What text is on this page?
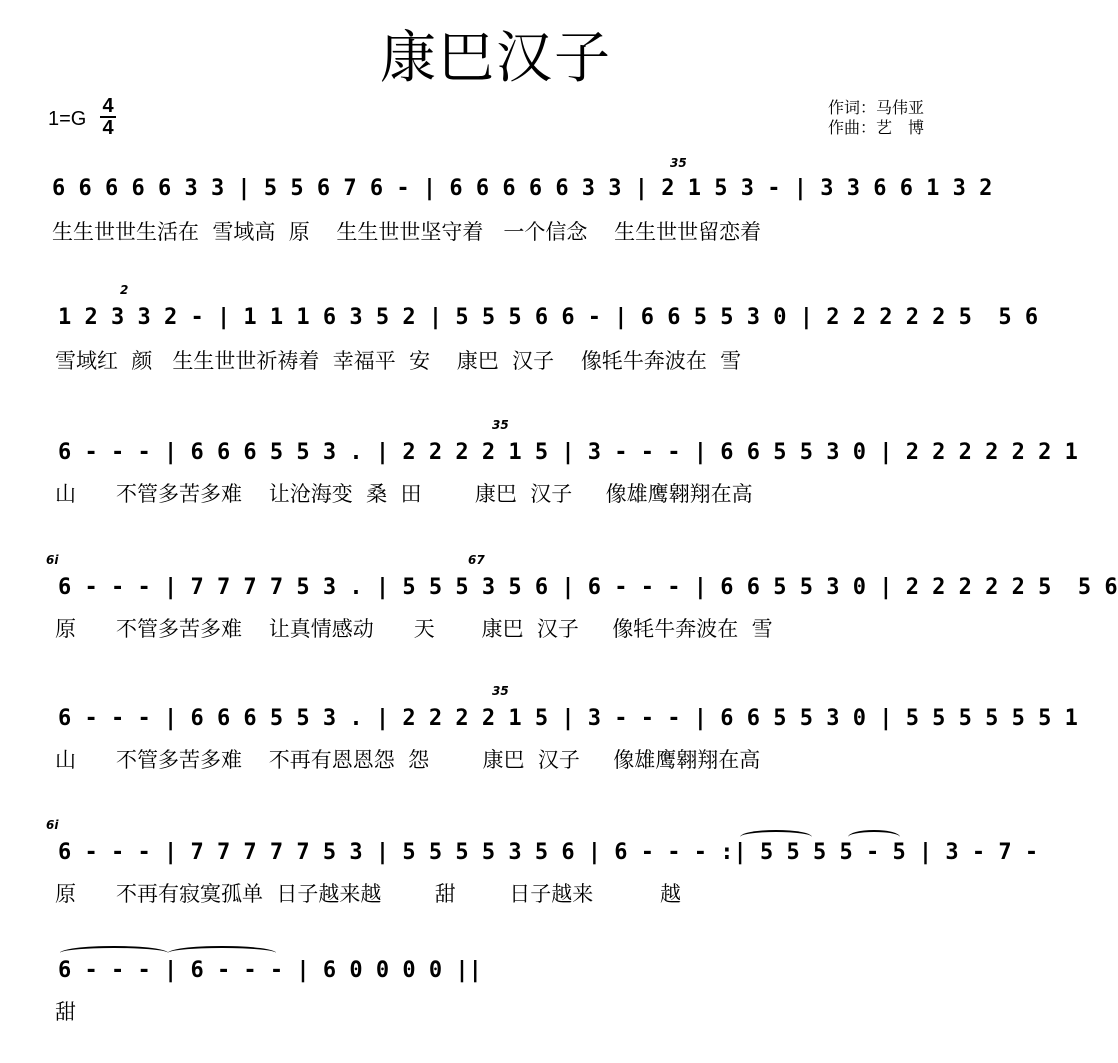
康巴汉子
1=G
4
4
作词：马伟亚
作曲：艺　博
6 6 6 6 6 3 3 | 5 5 6 7 6 - | 6 6 6 6 6 3 3 | 2 1 5 3 - | 3 3 6 6 1 3 2
35
生生世世生活在  雪域高  原    生生世世坚守着   一个信念    生生世世留恋着
1 2 3 3 2 - | 1 1 1 6 3 5 2 | 5 5 5 6 6 - | 6 6 5 5 3 0 | 2 2 2 2 2 5  5 6
2
雪域红  颜   生生世世祈祷着  幸福平  安    康巴  汉子    像牦牛奔波在  雪
6 - - - | 6 6 6 5 5 3 . | 2 2 2 2 1 5 | 3 - - - | 6 6 5 5 3 0 | 2 2 2 2 2 2 1
35
山      不管多苦多难    让沧海变  桑  田        康巴  汉子     像雄鹰翱翔在高
6 - - - | 7 7 7 7 5 3 . | 5 5 5 3 5 6 | 6 - - - | 6 6 5 5 3 0 | 2 2 2 2 2 5  5 6
6i	67
原      不管多苦多难    让真情感动      天       康巴  汉子     像牦牛奔波在  雪
6 - - - | 6 6 6 5 5 3 . | 2 2 2 2 1 5 | 3 - - - | 6 6 5 5 3 0 | 5 5 5 5 5 5 1
35
山      不管多苦多难    不再有恩恩怨  怨        康巴  汉子     像雄鹰翱翔在高
6 - - - | 7 7 7 7 7 5 3 | 5 5 5 5 3 5 6 | 6 - - - :| 5 5 5 5 - 5 | 3 - 7 -
6i
原      不再有寂寞孤单  日子越来越        甜        日子越来          越
6 - - - | 6 - - - | 6 0 0 0 0 ||
甜
